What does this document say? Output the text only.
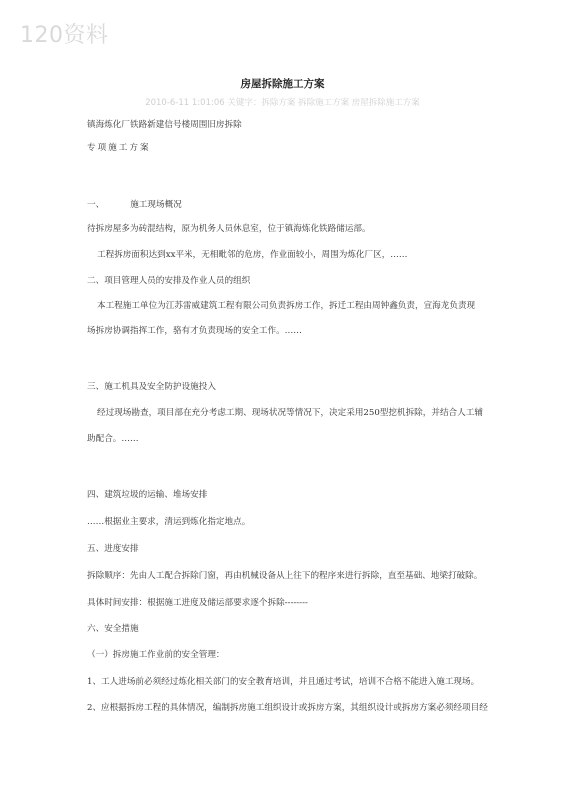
120资料
房屋拆除施工方案
2010-6-11 1:01:06 关键字：拆除方案 拆除施工方案 房屋拆除施工方案
镇海炼化厂铁路新建信号楼周围旧房拆除
专项施工方案
一、	施工现场概况
待拆房屋多为砖混结构，原为机务人员休息室，位于镇海炼化铁路储运部。
工程拆房面积达到xx平米，无相毗邻的危房，作业面较小，周围为炼化厂区，……
二、项目管理人员的安排及作业人员的组织
本工程施工单位为江苏雷威建筑工程有限公司负责拆房工作，拆迁工程由周钟鑫负责，宣海龙负责现
场拆房协调指挥工作，骆有才负责现场的安全工作。……
三、施工机具及安全防护设施投入
经过现场勘查，项目部在充分考虑工期、现场状况等情况下，决定采用250型挖机拆除，并结合人工辅
助配合。……
四、建筑垃圾的运输、堆场安排
……根据业主要求，清运到炼化指定地点。
五、进度安排
拆除顺序：先由人工配合拆除门窗，再由机械设备从上往下的程序来进行拆除，直至基础、地梁打破除。
具体时间安排：根据施工进度及储运部要求逐个拆除--------
六、安全措施
（一）拆房施工作业前的安全管理：
1、工人进场前必须经过炼化相关部门的安全教育培训，并且通过考试，培训不合格不能进入施工现场。
2、应根据拆房工程的具体情况，编制拆房施工组织设计或拆房方案，其组织设计或拆房方案必须经项目经
